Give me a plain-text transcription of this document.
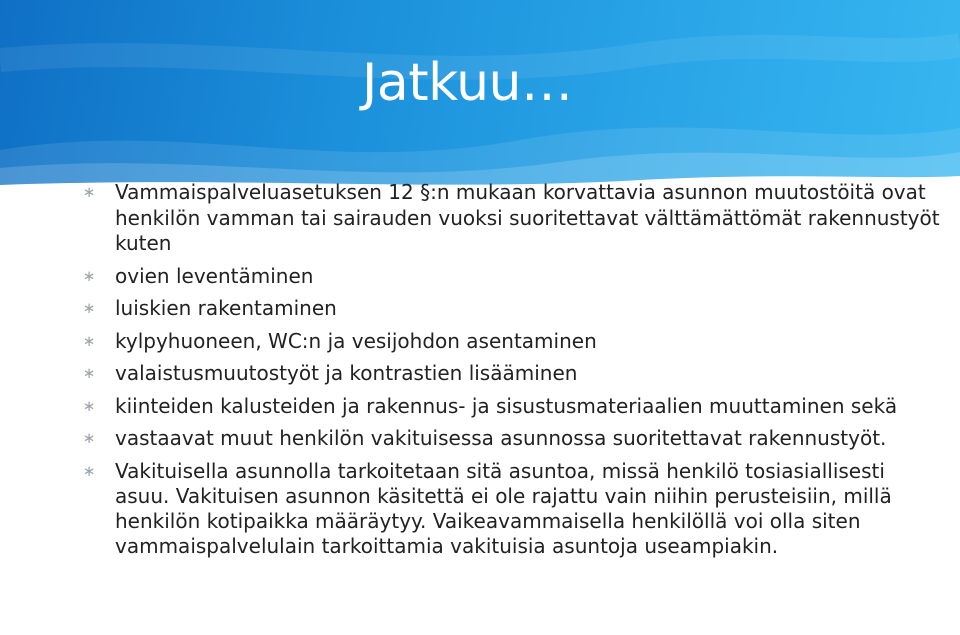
Jatkuu…
∗ Vammaispalveluasetuksen 12 §:n mukaan korvattavia asunnon muutostöitä ovat henkilön vamman tai sairauden vuoksi suoritettavat välttämättömät rakennustyöt kuten
∗ ovien leventäminen
∗ luiskien rakentaminen
∗ kylpyhuoneen, WC:n ja vesijohdon asentaminen
∗ valaistusmuutostyöt ja kontrastien lisääminen
∗ kiinteiden kalusteiden ja rakennus- ja sisustusmateriaalien muuttaminen sekä
∗ vastaavat muut henkilön vakituisessa asunnossa suoritettavat rakennustyöt.
∗ Vakituisella asunnolla tarkoitetaan sitä asuntoa, missä henkilö tosiasiallisesti asuu. Vakituisen asunnon käsitettä ei ole rajattu vain niihin perusteisiin, millä henkilön kotipaikka määräytyy. Vaikeavammaisella henkilöllä voi olla siten vammaispalvelulain tarkoittamia vakituisia asuntoja useampiakin.
